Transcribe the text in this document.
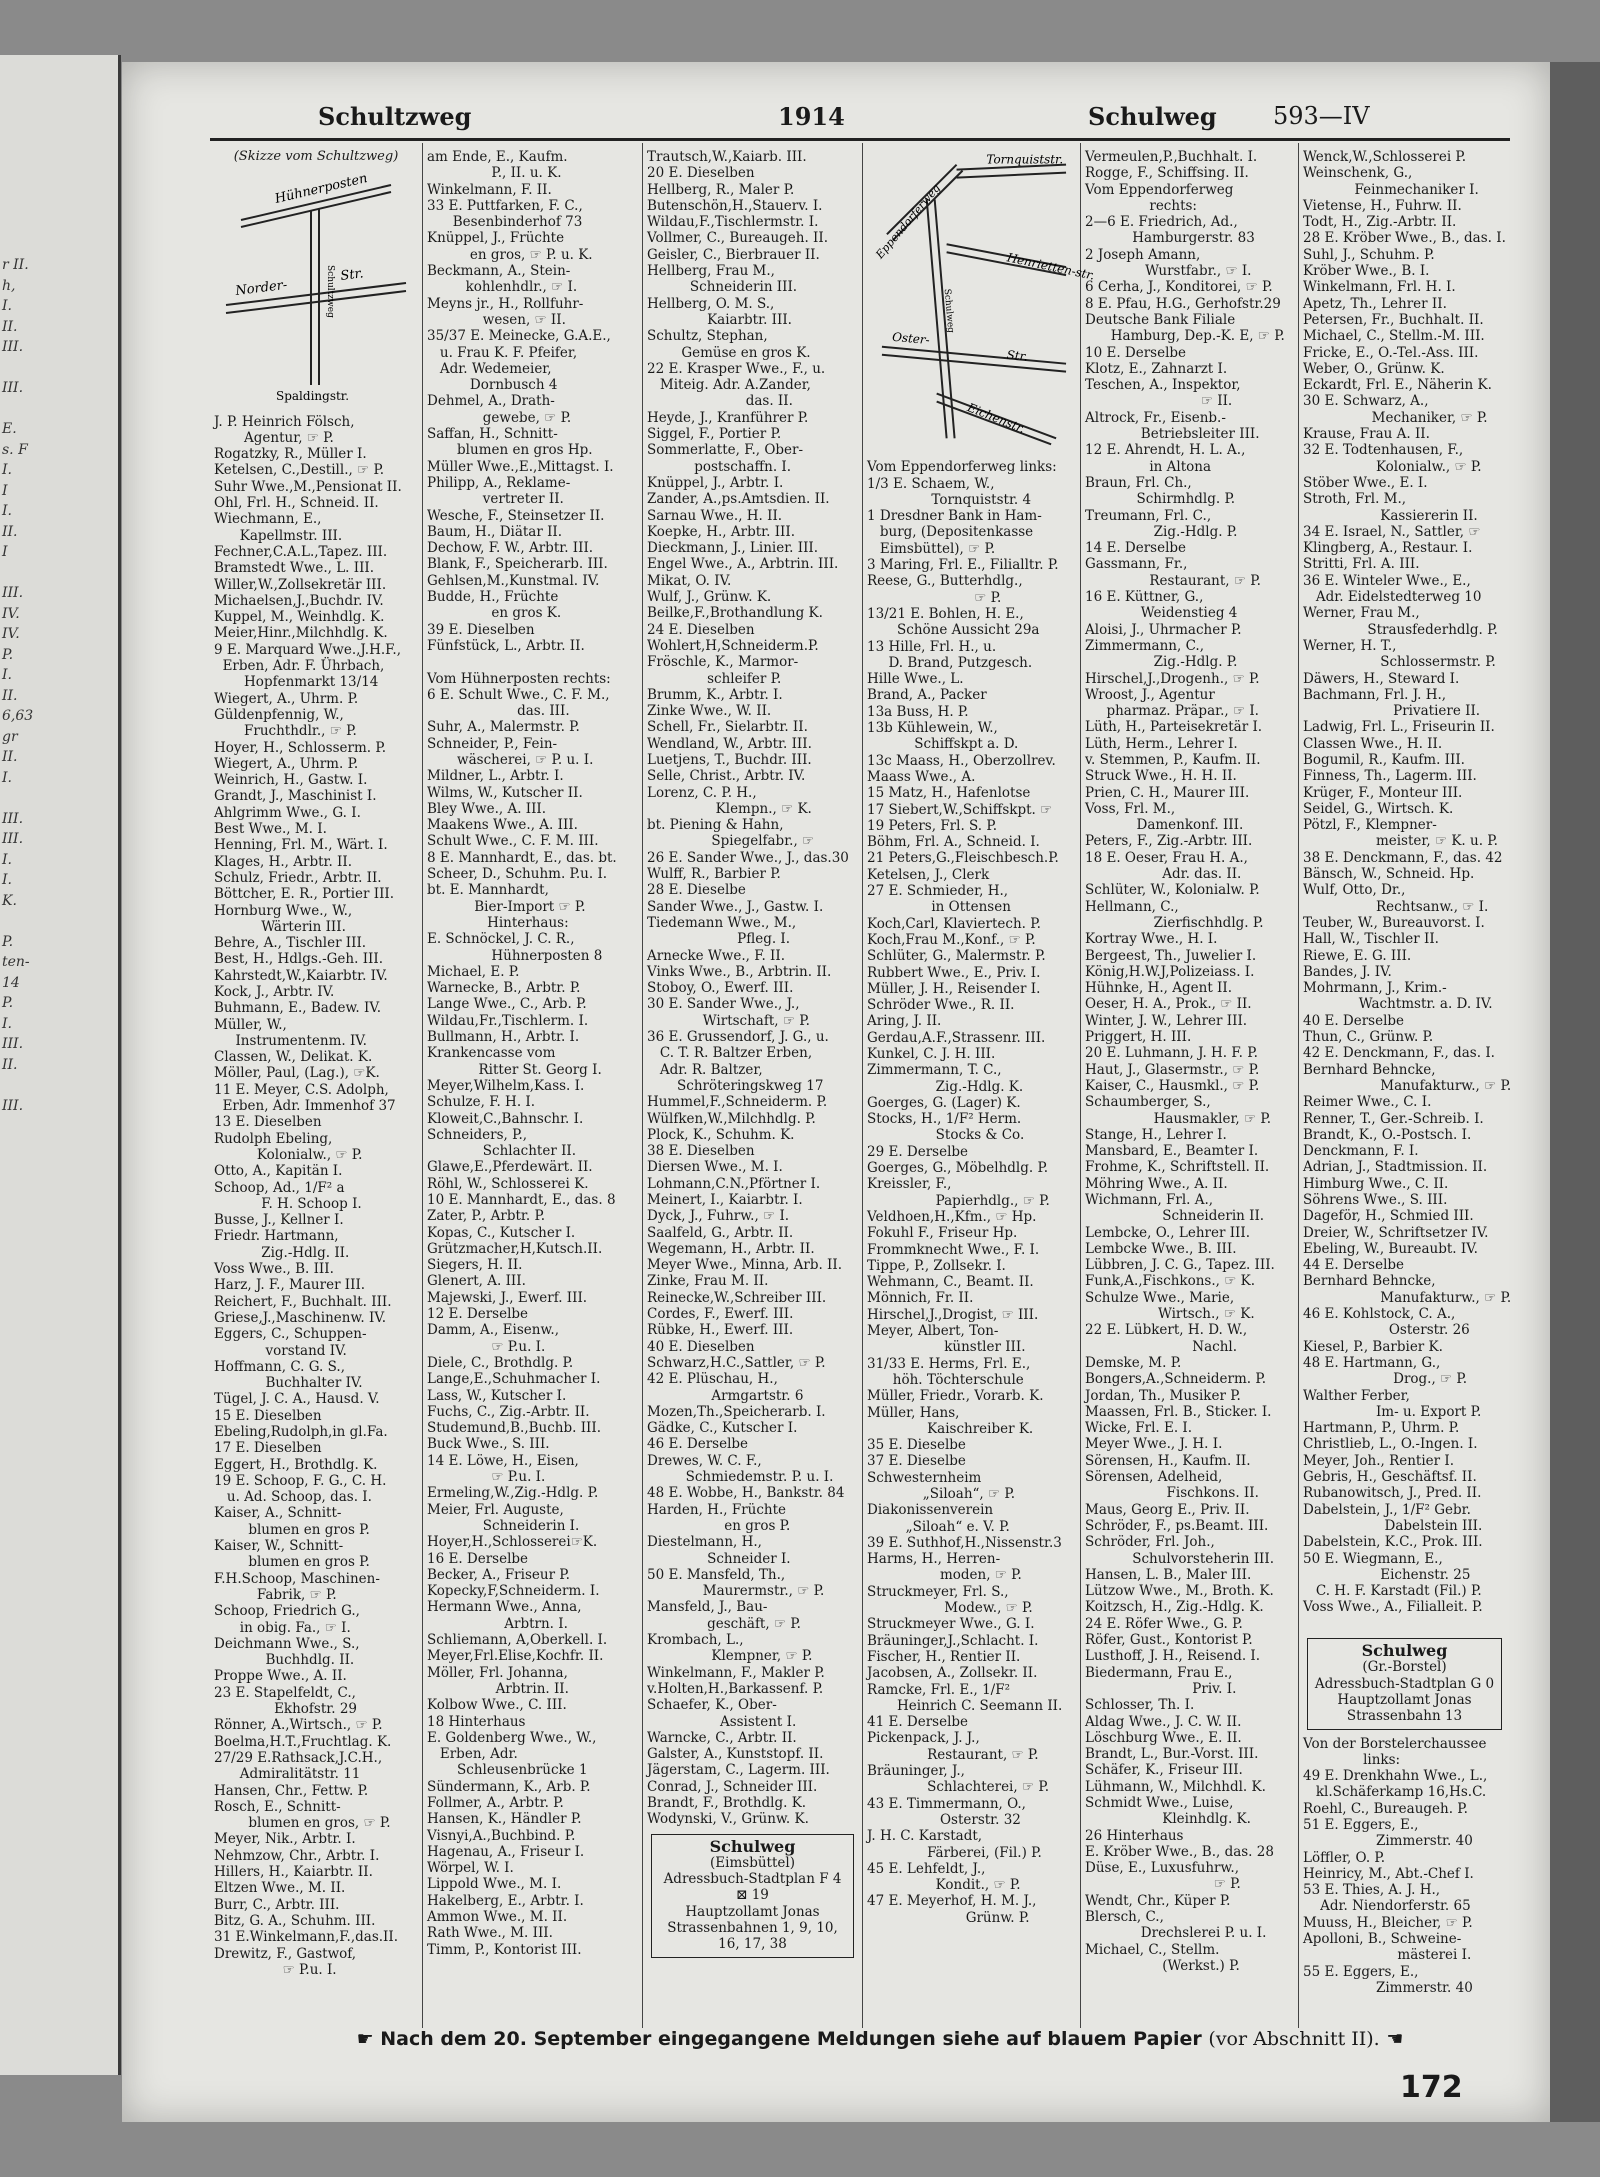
r II.
h,
I.
II.
III.

III.

E.
s. F
I.
I
I.
II.
I

III.
IV.
IV.
P.
I.
II.
6,63
gr
II.
I.

III.
III.
I.
I.
K.

P.
ten-
14
P.
I.
III.
II.

III.
Schultzweg	1914	Schulweg 593—IV
(Skizze vom Schultzweg)
Hühnerposten
Norder-
Str.
Spaldingstr.
Schultzweg
J. P. Heinrich Fölsch,
Agentur, ☞ P.
Rogatzky, R., Müller I.
Ketelsen, C.,Destill., ☞ P.
Suhr Wwe.,M.,Pensionat II.
Ohl, Frl. H., Schneid. II.
Wiechmann, E.,
Kapellmstr. III.
Fechner,C.A.L.,Tapez. III.
Bramstedt Wwe., L. III.
Willer,W.,Zollsekretär III.
Michaelsen,J.,Buchdr. IV.
Kuppel, M., Weinhdlg. K.
Meier,Hinr.,Milchhdlg. K.
9 E. Marquard Wwe.,J.H.F.,
Erben, Adr. F. Ührbach,
Hopfenmarkt 13/14
Wiegert, A., Uhrm. P.
Güldenpfennig, W.,
Fruchthdlr., ☞ P.
Hoyer, H., Schlosserm. P.
Wiegert, A., Uhrm. P.
Weinrich, H., Gastw. I.
Grandt, J., Maschinist I.
Ahlgrimm Wwe., G. I.
Best Wwe., M. I.
Henning, Frl. M., Wärt. I.
Klages, H., Arbtr. II.
Schulz, Friedr., Arbtr. II.
Böttcher, E. R., Portier III.
Hornburg Wwe., W.,
Wärterin III.
Behre, A., Tischler III.
Best, H., Hdlgs.-Geh. III.
Kahrstedt,W.,Kaiarbtr. IV.
Kock, J., Arbtr. IV.
Buhmann, E., Badew. IV.
Müller, W.,
Instrumentenm. IV.
Classen, W., Delikat. K.
Möller, Paul, (Lag.), ☞K.
11 E. Meyer, C.S. Adolph,
Erben, Adr. Immenhof 37
13 E. Dieselben
Rudolph Ebeling,
Kolonialw., ☞ P.
Otto, A., Kapitän I.
Schoop, Ad., 1/F² a
F. H. Schoop I.
Busse, J., Kellner I.
Friedr. Hartmann,
Zig.-Hdlg. II.
Voss Wwe., B. III.
Harz, J. F., Maurer III.
Reichert, F., Buchhalt. III.
Griese,J.,Maschinenw. IV.
Eggers, C., Schuppen-
vorstand IV.
Hoffmann, C. G. S.,
Buchhalter IV.
Tügel, J. C. A., Hausd. V.
15 E. Dieselben
Ebeling,Rudolph,in gl.Fa.
17 E. Dieselben
Eggert, H., Brothdlg. K.
19 E. Schoop, F. G., C. H.
u. Ad. Schoop, das. I.
Kaiser, A., Schnitt-
blumen en gros P.
Kaiser, W., Schnitt-
blumen en gros P.
F.H.Schoop, Maschinen-
Fabrik, ☞ P.
Schoop, Friedrich G.,
in obig. Fa., ☞ I.
Deichmann Wwe., S.,
Buchhdlg. II.
Proppe Wwe., A. II.
23 E. Stapelfeldt, C.,
Ekhofstr. 29
Rönner, A.,Wirtsch., ☞ P.
Boelma,H.T.,Fruchtlag. K.
27/29 E.Rathsack,J.C.H.,
Admiralitätstr. 11
Hansen, Chr., Fettw. P.
Rosch, E., Schnitt-
blumen en gros, ☞ P.
Meyer, Nik., Arbtr. I.
Nehmzow, Chr., Arbtr. I.
Hillers, H., Kaiarbtr. II.
Eltzen Wwe., M. II.
Burr, C., Arbtr. III.
Bitz, G. A., Schuhm. III.
31 E.Winkelmann,F.,das.II.
Drewitz, F., Gastwof,
☞ P.u. I.
am Ende, E., Kaufm.
P., II. u. K.
Winkelmann, F. II.
33 E. Puttfarken, F. C.,
Besenbinderhof 73
Knüppel, J., Früchte
en gros, ☞ P. u. K.
Beckmann, A., Stein-
kohlenhdlr., ☞ I.
Meyns jr., H., Rollfuhr-
wesen, ☞ II.
35/37 E. Meinecke, G.A.E.,
u. Frau K. F. Pfeifer,
Adr. Wedemeier,
Dornbusch 4
Dehmel, A., Drath-
gewebe, ☞ P.
Saffan, H., Schnitt-
blumen en gros Hp.
Müller Wwe.,E.,Mittagst. I.
Philipp, A., Reklame-
vertreter II.
Wesche, F., Steinsetzer II.
Baum, H., Diätar II.
Dechow, F. W., Arbtr. III.
Blank, F., Speicherarb. III.
Gehlsen,M.,Kunstmal. IV.
Budde, H., Früchte
en gros K.
39 E. Dieselben
Fünfstück, L., Arbtr. II.

Vom Hühnerposten rechts:
6 E. Schult Wwe., C. F. M.,
das. III.
Suhr, A., Malermstr. P.
Schneider, P., Fein-
wäscherei, ☞ P. u. I.
Mildner, L., Arbtr. I.
Wilms, W., Kutscher II.
Bley Wwe., A. III.
Maakens Wwe., A. III.
Schult Wwe., C. F. M. III.
8 E. Mannhardt, E., das. bt.
Scheer, D., Schuhm. P.u. I.
bt. E. Mannhardt,
Bier-Import ☞ P.
Hinterhaus:
E. Schnöckel, J. C. R.,
Hühnerposten 8
Michael, E. P.
Warnecke, B., Arbtr. P.
Lange Wwe., C., Arb. P.
Wildau,Fr.,Tischlerm. I.
Bullmann, H., Arbtr. I.
Krankencasse vom
Ritter St. Georg I.
Meyer,Wilhelm,Kass. I.
Schulze, F. H. I.
Kloweit,C.,Bahnschr. I.
Schneiders, P.,
Schlachter II.
Glawe,E.,Pferdewärt. II.
Röhl, W., Schlosserei K.
10 E. Mannhardt, E., das. 8
Zater, P., Arbtr. P.
Kopas, C., Kutscher I.
Grützmacher,H,Kutsch.II.
Siegers, H. II.
Glenert, A. III.
Majewski, J., Ewerf. III.
12 E. Derselbe
Damm, A., Eisenw.,
☞ P.u. I.
Diele, C., Brothdlg. P.
Lange,E.,Schuhmacher I.
Lass, W., Kutscher I.
Fuchs, C., Zig.-Arbtr. II.
Studemund,B.,Buchb. III.
Buck Wwe., S. III.
14 E. Löwe, H., Eisen,
☞ P.u. I.
Ermeling,W.,Zig.-Hdlg. P.
Meier, Frl. Auguste,
Schneiderin I.
Hoyer,H.,Schlosserei☞K.
16 E. Derselbe
Becker, A., Friseur P.
Kopecky,F,Schneiderm. I.
Hermann Wwe., Anna,
Arbtrn. I.
Schliemann, A,Oberkell. I.
Meyer,Frl.Elise,Kochfr. II.
Möller, Frl. Johanna,
Arbtrin. II.
Kolbow Wwe., C. III.
18 Hinterhaus
E. Goldenberg Wwe., W.,
Erben, Adr.
Schleusenbrücke 1
Sündermann, K., Arb. P.
Follmer, A., Arbtr. P.
Hansen, K., Händler P.
Visnyi,A.,Buchbind. P.
Hagenau, A., Friseur I.
Wörpel, W. I.
Lippold Wwe., M. I.
Hakelberg, E., Arbtr. I.
Ammon Wwe., M. II.
Rath Wwe., M. III.
Timm, P., Kontorist III.
Trautsch,W.,Kaiarb. III.
20 E. Dieselben
Hellberg, R., Maler P.
Butenschön,H.,Stauerv. I.
Wildau,F.,Tischlermstr. I.
Vollmer, C., Bureaugeh. II.
Geisler, C., Bierbrauer II.
Hellberg, Frau M.,
Schneiderin III.
Hellberg, O. M. S.,
Kaiarbtr. III.
Schultz, Stephan,
Gemüse en gros K.
22 E. Krasper Wwe., F., u.
Miteig. Adr. A.Zander,
das. II.
Heyde, J., Kranführer P.
Siggel, F., Portier P.
Sommerlatte, F., Ober-
postschaffn. I.
Knüppel, J., Arbtr. I.
Zander, A.,ps.Amtsdien. II.
Sarnau Wwe., H. II.
Koepke, H., Arbtr. III.
Dieckmann, J., Linier. III.
Engel Wwe., A., Arbtrin. III.
Mikat, O. IV.
Wulf, J., Grünw. K.
Beilke,F.,Brothandlung K.
24 E. Dieselben
Wohlert,H,Schneiderm.P.
Fröschle, K., Marmor-
schleifer P.
Brumm, K., Arbtr. I.
Zinke Wwe., W. II.
Schell, Fr., Sielarbtr. II.
Wendland, W., Arbtr. III.
Luetjens, T., Buchdr. III.
Selle, Christ., Arbtr. IV.
Lorenz, C. P. H.,
Klempn., ☞ K.
bt. Piening & Hahn,
Spiegelfabr., ☞
26 E. Sander Wwe., J., das.30
Wulff, R., Barbier P.
28 E. Dieselbe
Sander Wwe., J., Gastw. I.
Tiedemann Wwe., M.,
Pfleg. I.
Arnecke Wwe., F. II.
Vinks Wwe., B., Arbtrin. II.
Stoboy, O., Ewerf. III.
30 E. Sander Wwe., J.,
Wirtschaft, ☞ P.
36 E. Grussendorf, J. G., u.
C. T. R. Baltzer Erben,
Adr. R. Baltzer,
Schröteringskweg 17
Hummel,F.,Schneiderm. P.
Wülfken,W.,Milchhdlg. P.
Plock, K., Schuhm. K.
38 E. Dieselben
Diersen Wwe., M. I.
Lohmann,C.N.,Pförtner I.
Meinert, I., Kaiarbtr. I.
Dyck, J., Fuhrw., ☞ I.
Saalfeld, G., Arbtr. II.
Wegemann, H., Arbtr. II.
Meyer Wwe., Minna, Arb. II.
Zinke, Frau M. II.
Reinecke,W.,Schreiber III.
Cordes, F., Ewerf. III.
Rübke, H., Ewerf. III.
40 E. Dieselben
Schwarz,H.C.,Sattler, ☞ P.
42 E. Plüschau, H.,
Armgartstr. 6
Mozen,Th.,Speicherarb. I.
Gädke, C., Kutscher I.
46 E. Derselbe
Drewes, W. C. F.,
Schmiedemstr. P. u. I.
48 E. Wobbe, H., Bankstr. 84
Harden, H., Früchte
en gros P.
Diestelmann, H.,
Schneider I.
50 E. Mansfeld, Th.,
Maurermstr., ☞ P.
Mansfeld, J., Bau-
geschäft, ☞ P.
Krombach, L.,
Klempner, ☞ P.
Winkelmann, F., Makler P.
v.Holten,H.,Barkassenf. P.
Schaefer, K., Ober-
Assistent I.
Warncke, C., Arbtr. II.
Galster, A., Kunststopf. II.
Jägerstam, C., Lagerm. III.
Conrad, J., Schneider III.
Brandt, F., Brothdlg. K.
Wodynski, V., Grünw. K.
Schulweg
(Eimsbüttel)
Adressbuch-Stadtplan F 4
⊠ 19
Hauptzollamt Jonas
Strassenbahnen 1, 9, 10,
16, 17, 38
Tornquiststr.
Eppendorferweg
Henrietten-str.
Oster-
Str.
Eichenstr.
Schulweg
Vom Eppendorferweg links:
1/3 E. Schaem, W.,
Tornquiststr. 4
1 Dresdner Bank in Ham-
burg, (Depositenkasse
Eimsbüttel), ☞ P.
3 Maring, Frl. E., Filialltr. P.
Reese, G., Butterhdlg.,
☞ P.
13/21 E. Bohlen, H. E.,
Schöne Aussicht 29a
13 Hille, Frl. H., u.
D. Brand, Putzgesch.
Hille Wwe., L.
Brand, A., Packer
13a Buss, H. P.
13b Kühlewein, W.,
Schiffskpt a. D.
13c Maass, H., Oberzollrev.
Maass Wwe., A.
15 Matz, H., Hafenlotse
17 Siebert,W.,Schiffskpt. ☞
19 Peters, Frl. S. P.
Böhm, Frl. A., Schneid. I.
21 Peters,G.,Fleischbesch.P.
Ketelsen, J., Clerk
27 E. Schmieder, H.,
in Ottensen
Koch,Carl, Klaviertech. P.
Koch,Frau M.,Konf., ☞ P.
Schlüter, G., Malermstr. P.
Rubbert Wwe., E., Priv. I.
Müller, J. H., Reisender I.
Schröder Wwe., R. II.
Aring, J. II.
Gerdau,A.F.,Strassenr. III.
Kunkel, C. J. H. III.
Zimmermann, T. C.,
Zig.-Hdlg. K.
Goerges, G. (Lager) K.
Stocks, H., 1/F² Herm.
Stocks & Co.
29 E. Derselbe
Goerges, G., Möbelhdlg. P.
Kreissler, F.,
Papierhdlg., ☞ P.
Veldhoen,H.,Kfm., ☞ Hp.
Fokuhl F., Friseur Hp.
Frommknecht Wwe., F. I.
Tippe, P., Zollsekr. I.
Wehmann, C., Beamt. II.
Mönnich, Fr. II.
Hirschel,J.,Drogist, ☞ III.
Meyer, Albert, Ton-
künstler III.
31/33 E. Herms, Frl. E.,
höh. Töchterschule
Müller, Friedr., Vorarb. K.
Müller, Hans,
Kaischreiber K.
35 E. Dieselbe
37 E. Dieselbe
Schwesternheim
„Siloah“, ☞ P.
Diakonissenverein
„Siloah“ e. V. P.
39 E. Suthhof,H.,Nissenstr.3
Harms, H., Herren-
moden, ☞ P.
Struckmeyer, Frl. S.,
Modew., ☞ P.
Struckmeyer Wwe., G. I.
Bräuninger,J.,Schlacht. I.
Fischer, H., Rentier II.
Jacobsen, A., Zollsekr. II.
Ramcke, Frl. E., 1/F²
Heinrich C. Seemann II.
41 E. Derselbe
Pickenpack, J. J.,
Restaurant, ☞ P.
Bräuninger, J.,
Schlachterei, ☞ P.
43 E. Timmermann, O.,
Osterstr. 32
J. H. C. Karstadt,
Färberei, (Fil.) P.
45 E. Lehfeldt, J.,
Kondit., ☞ P.
47 E. Meyerhof, H. M. J.,
Grünw. P.
Vermeulen,P.,Buchhalt. I.
Rogge, F., Schiffsing. II.
Vom Eppendorferweg
rechts:
2—6 E. Friedrich, Ad.,
Hamburgerstr. 83
2 Joseph Amann,
Wurstfabr., ☞ I.
6 Cerha, J., Konditorei, ☞ P.
8 E. Pfau, H.G., Gerhofstr.29
Deutsche Bank Filiale
Hamburg, Dep.-K. E, ☞ P.
10 E. Derselbe
Klotz, E., Zahnarzt I.
Teschen, A., Inspektor,
☞ II.
Altrock, Fr., Eisenb.-
Betriebsleiter III.
12 E. Ahrendt, H. L. A.,
in Altona
Braun, Frl. Ch.,
Schirmhdlg. P.
Treumann, Frl. C.,
Zig.-Hdlg. P.
14 E. Derselbe
Gassmann, Fr.,
Restaurant, ☞ P.
16 E. Küttner, G.,
Weidenstieg 4
Aloisi, J., Uhrmacher P.
Zimmermann, C.,
Zig.-Hdlg. P.
Hirschel,J.,Drogenh., ☞ P.
Wroost, J., Agentur
pharmaz. Präpar., ☞ I.
Lüth, H., Parteisekretär I.
Lüth, Herm., Lehrer I.
v. Stemmen, P., Kaufm. II.
Struck Wwe., H. H. II.
Prien, C. H., Maurer III.
Voss, Frl. M.,
Damenkonf. III.
Peters, F., Zig.-Arbtr. III.
18 E. Oeser, Frau H. A.,
Adr. das. II.
Schlüter, W., Kolonialw. P.
Hellmann, C.,
Zierfischhdlg. P.
Kortray Wwe., H. I.
Bergeest, Th., Juwelier I.
König,H.W.J,Polizeiass. I.
Hühnke, H., Agent II.
Oeser, H. A., Prok., ☞ II.
Winter, J. W., Lehrer III.
Priggert, H. III.
20 E. Luhmann, J. H. F. P.
Haut, J., Glasermstr., ☞ P.
Kaiser, C., Hausmkl., ☞ P.
Schaumberger, S.,
Hausmakler, ☞ P.
Stange, H., Lehrer I.
Mansbard, E., Beamter I.
Frohme, K., Schriftstell. II.
Möhring Wwe., A. II.
Wichmann, Frl. A.,
Schneiderin II.
Lembcke, O., Lehrer III.
Lembcke Wwe., B. III.
Lübbren, J. C. G., Tapez. III.
Funk,A.,Fischkons., ☞ K.
Schulze Wwe., Marie,
Wirtsch., ☞ K.
22 E. Lübkert, H. D. W.,
Nachl.
Demske, M. P.
Bongers,A.,Schneiderm. P.
Jordan, Th., Musiker P.
Maassen, Frl. B., Sticker. I.
Wicke, Frl. E. I.
Meyer Wwe., J. H. I.
Sörensen, H., Kaufm. II.
Sörensen, Adelheid,
Fischkons. II.
Maus, Georg E., Priv. II.
Schröder, F., ps.Beamt. III.
Schröder, Frl. Joh.,
Schulvorsteherin III.
Hansen, L. B., Maler III.
Lützow Wwe., M., Broth. K.
Koitzsch, H., Zig.-Hdlg. K.
24 E. Röfer Wwe., G. P.
Röfer, Gust., Kontorist P.
Lusthoff, J. H., Reisend. I.
Biedermann, Frau E.,
Priv. I.
Schlosser, Th. I.
Aldag Wwe., J. C. W. II.
Löschburg Wwe., E. II.
Brandt, L., Bur.-Vorst. III.
Schäfer, K., Friseur III.
Lühmann, W., Milchhdl. K.
Schmidt Wwe., Luise,
Kleinhdlg. K.
26 Hinterhaus
E. Kröber Wwe., B., das. 28
Düse, E., Luxusfuhrw.,
☞ P.
Wendt, Chr., Küper P.
Blersch, C.,
Drechslerei P. u. I.
Michael, C., Stellm.
(Werkst.) P.
Wenck,W.,Schlosserei P.
Weinschenk, G.,
Feinmechaniker I.
Vietense, H., Fuhrw. II.
Todt, H., Zig.-Arbtr. II.
28 E. Kröber Wwe., B., das. I.
Suhl, J., Schuhm. P.
Kröber Wwe., B. I.
Winkelmann, Frl. H. I.
Apetz, Th., Lehrer II.
Petersen, Fr., Buchhalt. II.
Michael, C., Stellm.-M. III.
Fricke, E., O.-Tel.-Ass. III.
Weber, O., Grünw. K.
Eckardt, Frl. E., Näherin K.
30 E. Schwarz, A.,
Mechaniker, ☞ P.
Krause, Frau A. II.
32 E. Todtenhausen, F.,
Kolonialw., ☞ P.
Stöber Wwe., E. I.
Stroth, Frl. M.,
Kassiererin II.
34 E. Israel, N., Sattler, ☞
Klingberg, A., Restaur. I.
Stritti, Frl. A. III.
36 E. Winteler Wwe., E.,
Adr. Eidelstedterweg 10
Werner, Frau M.,
Strausfederhdlg. P.
Werner, H. T.,
Schlossermstr. P.
Däwers, H., Steward I.
Bachmann, Frl. J. H.,
Privatiere II.
Ladwig, Frl. L., Friseurin II.
Classen Wwe., H. II.
Bogumil, R., Kaufm. III.
Finness, Th., Lagerm. III.
Krüger, F., Monteur III.
Seidel, G., Wirtsch. K.
Pötzl, F., Klempner-
meister, ☞ K. u. P.
38 E. Denckmann, F., das. 42
Bänsch, W., Schneid. Hp.
Wulf, Otto, Dr.,
Rechtsanw., ☞ I.
Teuber, W., Bureauvorst. I.
Hall, W., Tischler II.
Riewe, E. G. III.
Bandes, J. IV.
Mohrmann, J., Krim.-
Wachtmstr. a. D. IV.
40 E. Derselbe
Thun, C., Grünw. P.
42 E. Denckmann, F., das. I.
Bernhard Behncke,
Manufakturw., ☞ P.
Reimer Wwe., C. I.
Renner, T., Ger.-Schreib. I.
Brandt, K., O.-Postsch. I.
Denckmann, F. I.
Adrian, J., Stadtmission. II.
Himburg Wwe., C. II.
Söhrens Wwe., S. III.
Dageför, H., Schmied III.
Dreier, W., Schriftsetzer IV.
Ebeling, W., Bureaubt. IV.
44 E. Derselbe
Bernhard Behncke,
Manufakturw., ☞ P.
46 E. Kohlstock, C. A.,
Osterstr. 26
Kiesel, P., Barbier K.
48 E. Hartmann, G.,
Drog., ☞ P.
Walther Ferber,
Im- u. Export P.
Hartmann, P., Uhrm. P.
Christlieb, L., O.-Ingen. I.
Meyer, Joh., Rentier I.
Gebris, H., Geschäftsf. II.
Rubanowitsch, J., Pred. II.
Dabelstein, J., 1/F² Gebr.
Dabelstein III.
Dabelstein, K.C., Prok. III.
50 E. Wiegmann, E.,
Eichenstr. 25
C. H. F. Karstadt (Fil.) P.
Voss Wwe., A., Filialleit. P.

Schulweg
(Gr.-Borstel)
Adressbuch-Stadtplan G 0
Hauptzollamt Jonas
Strassenbahn 13
Von der Borstelerchaussee
links:
49 E. Drenkhahn Wwe., L.,
kl.Schäferkamp 16,Hs.C.
Roehl, C., Bureaugeh. P.
51 E. Eggers, E.,
Zimmerstr. 40
Löffler, O. P.
Heinricy, M., Abt.-Chef I.
53 E. Thies, A. J. H.,
Adr. Niendorferstr. 65
Muuss, H., Bleicher, ☞ P.
Apolloni, B., Schweine-
mästerei I.
55 E. Eggers, E.,
Zimmerstr. 40
☛ Nach dem 20. September eingegangene Meldungen siehe auf blauem Papier (vor Abschnitt II). ☚
172
